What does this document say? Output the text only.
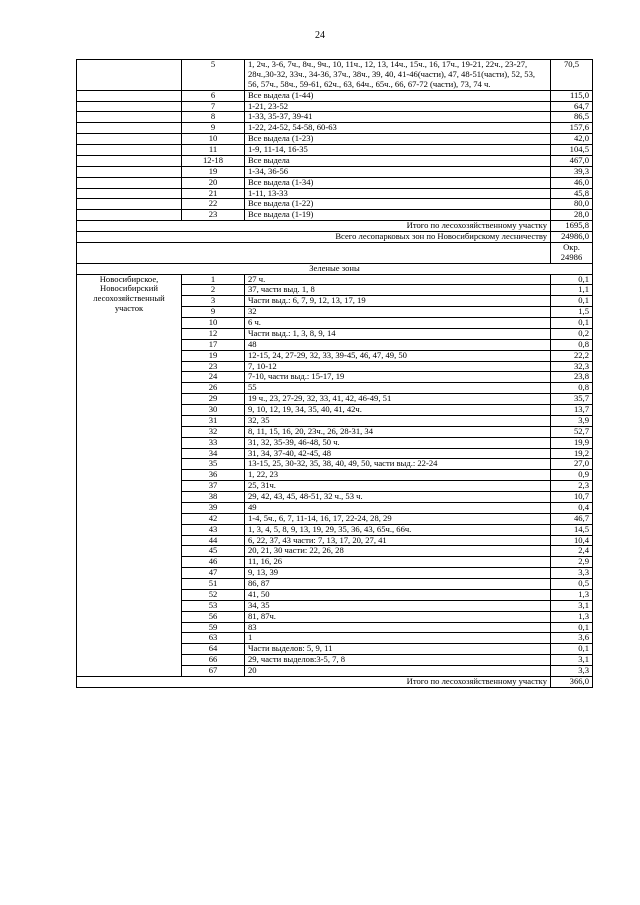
24
	5	1, 2ч., 3-6, 7ч., 8ч., 9ч., 10, 11ч., 12, 13, 14ч., 15ч., 16, 17ч., 19-21, 22ч., 23-27, 28ч.,30-32, 33ч., 34-36, 37ч., 38ч., 39, 40, 41-46(части), 47, 48-51(части), 52, 53, 56, 57ч., 58ч., 59-61, 62ч., 63, 64ч., 65ч., 66, 67-72 (части), 73, 74 ч.	70,5
	6	Все выдела (1-44)	115,0
	7	1-21, 23-52	64,7
	8	1-33, 35-37, 39-41	86,5
	9	1-22, 24-52, 54-58, 60-63	157,6
	10	Все выдела (1-23)	42,0
	11	1-9, 11-14, 16-35	104,5
	12-18	Все выдела	467,0
	19	1-34, 36-56	39,3
	20	Все выдела (1-34)	46,0
	21	1-11, 13-33	45,8
	22	Все выдела (1-22)	80,0
	23	Все выдела (1-19)	28,0
Итого по лесохозяйственному участку			1695,8
Всего лесопарковых зон по Новосибирскому лесничеству			24986,0
			Окр. 24986
Зеленые зоны			
Новосибирское, Новосибирский лесохозяйственный участок	1	27 ч.	0,1
	2	37, части выд. 1, 8	1,1
	3	Части выд.: 6, 7, 9, 12, 13, 17, 19	0,1
	9	32	1,5
	10	6 ч.	0,1
	12	Части выд.: 1, 3, 8, 9, 14	0,2
	17	48	0,8
	19	12-15, 24, 27-29, 32, 33, 39-45, 46, 47, 49, 50	22,2
	23	7, 10-12	32,3
	24	7-10, части выд.: 15-17, 19	23,8
	26	55	0,8
	29	19 ч., 23, 27-29, 32, 33, 41, 42, 46-49, 51	35,7
	30	9, 10, 12, 19, 34, 35, 40, 41, 42ч.	13,7
	31	32, 35	3,9
	32	8, 11, 15, 16, 20, 23ч., 26, 28-31, 34	52,7
	33	31, 32, 35-39, 46-48, 50 ч.	19,9
	34	31, 34, 37-40, 42-45, 48	19,2
	35	13-15, 25, 30-32, 35, 38, 40, 49, 50, части выд.: 22-24	27,0
	36	1, 22, 23	0,9
	37	25, 31ч.	2,3
	38	29, 42, 43, 45, 48-51, 32 ч., 53 ч.	10,7
	39	49	0,4
	42	1-4, 5ч., 6, 7, 11-14, 16, 17, 22-24, 28, 29	46,7
	43	1, 3, 4, 5, 8, 9, 13, 19, 29, 35, 36, 43, 65ч., 66ч.	14,5
	44	6, 22, 37, 43 части: 7, 13, 17, 20, 27, 41	10,4
	45	20, 21, 30 части: 22, 26, 28	2,4
	46	11, 16, 26	2,9
	47	9, 13, 39	3,3
	51	86, 87	0,5
	52	41, 50	1,3
	53	34, 35	3,1
	56	81, 87ч.	1,3
	59	83	0,1
	63	1	3,6
	64	Части выделов: 5, 9, 11	0,1
	66	29, части выделов:3-5, 7, 8	3,1
	67	20	3,3
Итого по лесохозяйственному участку			366,0
